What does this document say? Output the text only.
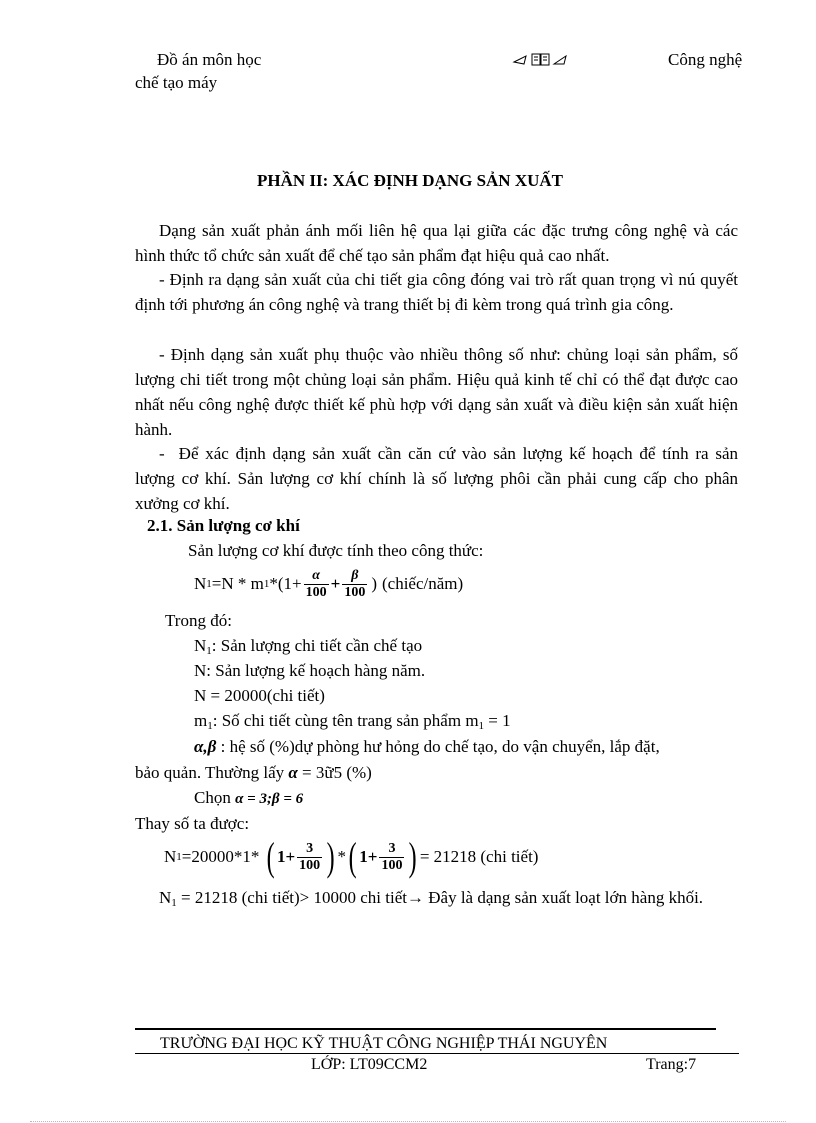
Đồ án môn học
chế tạo máy
Công nghệ
PHẦN II: XÁC ĐỊNH DẠNG SẢN XUẤT
Dạng sản xuất phản ánh mối liên hệ qua lại giữa các đặc trưng công nghệ và các hình thức tổ chức sản xuất để chế tạo sản phẩm đạt hiệu quả cao nhất.
- Định ra dạng sản xuất của chi tiết gia công đóng vai trò rất quan trọng vì nú quyết định tới phương án công nghệ và trang thiết bị đi kèm trong quá trình gia công.
- Định dạng sản xuất phụ thuộc vào nhiều thông số như: chủng loại sản phẩm, số lượng chi tiết trong một chủng loại sản phẩm. Hiệu quả kinh tế chỉ có thể đạt được cao nhất nếu công nghệ được thiết kế phù hợp với dạng sản xuất và điều kiện sản xuất hiện hành.
- Để xác định dạng sản xuất cần căn cứ vào sản lượng kế hoạch để tính ra sản lượng cơ khí. Sản lượng cơ khí chính là số lượng phôi cần phải cung cấp cho phân xưởng cơ khí.
2.1. Sản lượng cơ khí
Sản lượng cơ khí được tính theo công thức:
N 1 =N * m 1 $*(1+ \frac{\alpha}{100} + \frac{\beta}{100}$ ) (chiếc/năm)
Trong đó:
$N_1$: Sản lượng chi tiết cần chế tạo
N: Sản lượng kế hoạch hàng năm.
N = 20000(chi tiết)
$m_1$: Số chi tiết cùng tên trang sản phẩm $m_1 = 1$
α,β : hệ số (%)dự phòng hư hỏng do chế tạo, do vận chuyển, lắp đặt,
bảo quản. Thường lấy α = 3ữ5 (%)
Chọn α = 3;β = 6
Thay số ta được:
N 1 =20000*1* ( $1 + \frac{3}{100}$ ) * ( $1 + \frac{3}{100}$ ) = 21218 (chi tiết)
$N_1 = 21218$ (chi tiết)> 10000 chi tiết→ Đây là dạng sản xuất loạt lớn hàng khối.
TRƯỜNG ĐẠI HỌC KỸ THUẬT CÔNG NGHIỆP THÁI NGUYÊN
LỚP: LT09CCM2	Trang:7
